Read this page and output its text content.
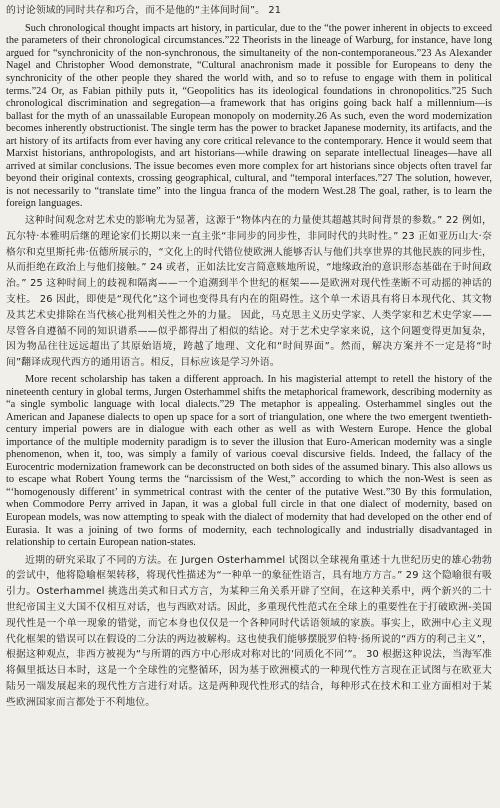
的讨论领域的同时共存和巧合，而不是他的“主体间时间”。 21

Such chronological thought impacts art history, in particular, due to the “the power inherent in objects to exceed the parameters of their chronological circumstances.”22 Theorists in the lineage of Warburg, for instance, have long argued for “synchronicity of the non-synchronous, the simultaneity of the non-contemporaneous.”23 As Alexander Nagel and Christopher Wood demonstrate, “Cultural anachronism made it possible for Europeans to deny the synchronicity of the other people they shared the world with, and so to refuse to engage with them in political terms.”24 Or, as Fabian pithily puts it, “Geopolitics has its ideological foundations in chronopolitics.”25 Such chronological discrimination and segregation—a framework that has origins going back half a millennium—is ballast for the myth of an unassailable European monopoly on modernity.26 As such, even the word modernization becomes inherently obstructionist. The single term has the power to bracket Japanese modernity, its artifacts, and the art history of its artifacts from ever having any core critical relevance to the contemporary. Hence it would seem that Marxist historians, anthropologists, and art historians—while drawing on separate intellectual lineages—have all arrived at similar conclusions. The issue becomes even more complex for art historians since objects often travel far beyond their original contexts, crossing geographical, cultural, and “temporal interfaces.”27 The solution, however, is not necessarily to “translate time” into the lingua franca of the modern West.28 The goal, rather, is to learn the foreign languages.

这种时间观念对艺术史的影响尤为显著，这源于“物体内在的力量使其超越其时间背景的参数。” 22 例如，瓦尔特·本雅明后继的理论家们长期以来一直主张“非同步的同步性，非同时代的共时性。” 23 正如亚历山大·奈格尔和克里斯托弗·伍德所展示的，“文化上的时代错位使欧洲人能够否认与他们共享世界的其他民族的同步性，从而拒绝在政治上与他们接触。” 24 或者，正如法比安言简意赅地所说，“地缘政治的意识形态基础在于时间政治。” 25 这种时间上的歧视和隔离——一个追溯到半个世纪的框架——是欧洲对现代性垄断不可动摇的神话的支柱。 26 因此，即使是“现代化”这个词也变得具有内在的阻碍性。这个单一术语具有将日本现代化、其文物及其艺术史排除在当代核心批判相关性之外的力量。 因此，马克思主义历史学家、人类学家和艺术史学家——尽管各自遵循不同的知识谱系——似乎都得出了相似的结论。对于艺术史学家来说，这个问题变得更加复杂，因为物品往往远远超出了其原始语境，跨越了地理、文化和“时间界面”。然而，解决方案并不一定是将“时间”翻译成现代西方的通用语言。相反，目标应该是学习外语。

More recent scholarship has taken a different approach. In his magisterial attempt to retell the history of the nineteenth century in global terms, Jurgen Osterhammel shifts the metaphorical framework, describing modernity as “a single symbolic language with local dialects.”29 The metaphor is appealing. Osterhammel singles out the American and Japanese dialects to open up space for a sort of triangulation, one where the two emergent twentieth-century imperial powers are in dialogue with each other as well as with Western Europe. Hence the global importance of the multiple modernity paradigm is to sever the illusion that Euro-American modernity was a single phenomenon, when it, too, was simply a family of various coeval discursive fields. Indeed, the fallacy of the Eurocentric modernization framework can be deconstructed on both sides of the assumed binary. This also allows us to escape what Robert Young terms the “narcissism of the West,” according to which the non-West is seen as “‘homogenously different’ in symmetrical contrast with the center of the putative West.”30 By this formulation, when Commodore Perry arrived in Japan, it was a global full circle in that one dialect of modernity, based on European models, was now attempting to speak with the dialect of modernity that had developed on the other end of Eurasia. It was a joining of two forms of modernity, each technologically and industrially disadvantaged in relationship to certain European nation-states.

近期的研究采取了不同的方法。在 Jurgen Osterhammel 试图以全球视角重述十九世纪历史的雄心勃勃的尝试中，他将隐喻框架转移，将现代性描述为“一种单一的象征性语言，具有地方方言。” 29 这个隐喻很有吸引力。Osterhammel 挑选出美式和日式方言，为某种三角关系开辟了空间，在这种关系中，两个新兴的二十世纪帝国主义大国不仅相互对话，也与西欧对话。因此，多重现代性范式在全球上的重要性在于打破欧洲-美国现代性是一个单一现象的错觉，而它本身也仅仅是一个各种同时代话语领域的家族。事实上，欧洲中心主义现代化框架的错误可以在假设的二分法的两边被解构。这也使我们能够摆脱罗伯特·扬所说的“西方的利己主义”，根据这种观点，非西方被视为“与所谓的西方中心形成对称对比的‘同质化不同’”。 30 根据这种说法，当海军准将佩里抵达日本时，这是一个全球性的完整循环，因为基于欧洲模式的一种现代性方言现在正试图与在欧亚大陆另一端发展起来的现代性方言进行对话。这是两种现代性形式的结合，每种形式在技术和工业方面相对于某些欧洲国家而言都处于不利地位。
